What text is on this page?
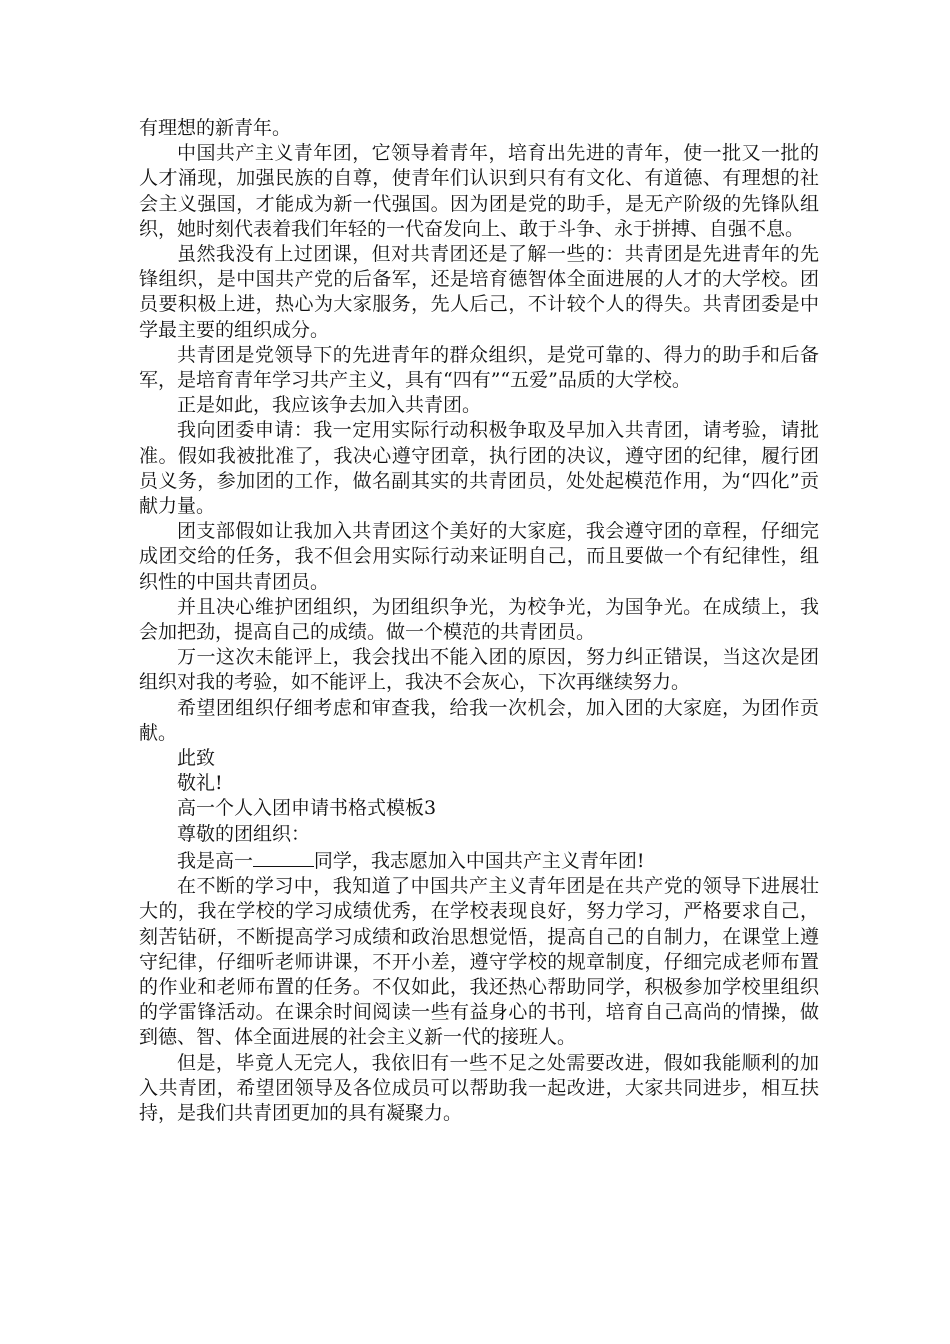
有理想的新青年。

中国共产主义青年团，它领导着青年，培育出先进的青年，使一批又一批的人才涌现，加强民族的自尊，使青年们认识到只有有文化、有道德、有理想的社会主义强国，才能成为新一代强国。因为团是党的助手，是无产阶级的先锋队组织，她时刻代表着我们年轻的一代奋发向上、敢于斗争、永于拼搏、自强不息。

虽然我没有上过团课，但对共青团还是了解一些的：共青团是先进青年的先锋组织，是中国共产党的后备军，还是培育德智体全面进展的人才的大学校。团员要积极上进，热心为大家服务，先人后己，不计较个人的得失。共青团委是中学最主要的组织成分。

共青团是党领导下的先进青年的群众组织，是党可靠的、得力的助手和后备军，是培育青年学习共产主义，具有“四有”“五爱”品质的大学校。

正是如此，我应该争去加入共青团。

我向团委申请：我一定用实际行动积极争取及早加入共青团，请考验，请批准。假如我被批准了，我决心遵守团章，执行团的决议，遵守团的纪律，履行团员义务，参加团的工作，做名副其实的共青团员，处处起模范作用，为“四化”贡献力量。

团支部假如让我加入共青团这个美好的大家庭，我会遵守团的章程，仔细完成团交给的任务，我不但会用实际行动来证明自己，而且要做一个有纪律性，组织性的中国共青团员。

并且决心维护团组织，为团组织争光，为校争光，为国争光。在成绩上，我会加把劲，提高自己的成绩。做一个模范的共青团员。

万一这次未能评上，我会找出不能入团的原因，努力纠正错误，当这次是团组织对我的考验，如不能评上，我决不会灰心，下次再继续努力。

希望团组织仔细考虑和审查我，给我一次机会，加入团的大家庭，为团作贡献。

此致

敬礼!

高一个人入团申请书格式模板3

尊敬的团组织：

我是高一	同学，我志愿加入中国共产主义青年团!

在不断的学习中，我知道了中国共产主义青年团是在共产党的领导下进展壮大的，我在学校的学习成绩优秀，在学校表现良好，努力学习，严格要求自己，刻苦钻研，不断提高学习成绩和政治思想觉悟，提高自己的自制力，在课堂上遵守纪律，仔细听老师讲课，不开小差，遵守学校的规章制度，仔细完成老师布置的作业和老师布置的任务。不仅如此，我还热心帮助同学，积极参加学校里组织的学雷锋活动。在课余时间阅读一些有益身心的书刊，培育自己高尚的情操，做到德、智、体全面进展的社会主义新一代的接班人。

但是，毕竟人无完人，我依旧有一些不足之处需要改进，假如我能顺利的加入共青团，希望团领导及各位成员可以帮助我一起改进，大家共同进步，相互扶持，是我们共青团更加的具有凝聚力。
